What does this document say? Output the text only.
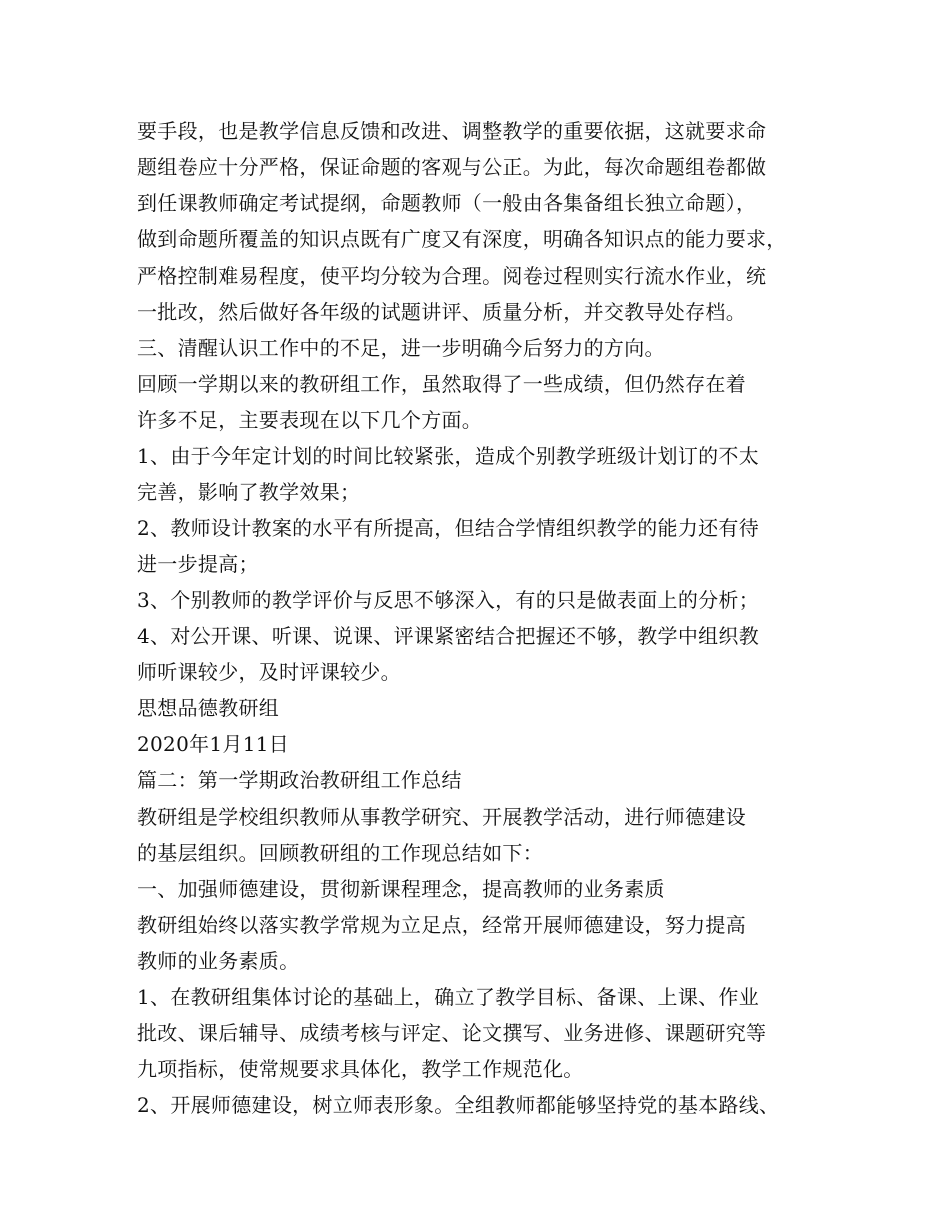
要手段，也是教学信息反馈和改进、调整教学的重要依据，这就要求命
题组卷应十分严格，保证命题的客观与公正。为此，每次命题组卷都做
到任课教师确定考试提纲，命题教师（一般由各集备组长独立命题），
做到命题所覆盖的知识点既有广度又有深度，明确各知识点的能力要求，
严格控制难易程度，使平均分较为合理。阅卷过程则实行流水作业，统
一批改，然后做好各年级的试题讲评、质量分析，并交教导处存档。
三、清醒认识工作中的不足，进一步明确今后努力的方向。
回顾一学期以来的教研组工作，虽然取得了一些成绩，但仍然存在着
许多不足，主要表现在以下几个方面。
1、由于今年定计划的时间比较紧张，造成个别教学班级计划订的不太
完善，影响了教学效果；
2、教师设计教案的水平有所提高，但结合学情组织教学的能力还有待
进一步提高；
3、个别教师的教学评价与反思不够深入，有的只是做表面上的分析；
4、对公开课、听课、说课、评课紧密结合把握还不够，教学中组织教
师听课较少，及时评课较少。
思想品德教研组
2020年1月11日
篇二：第一学期政治教研组工作总结
教研组是学校组织教师从事教学研究、开展教学活动，进行师德建设
的基层组织。回顾教研组的工作现总结如下：
一、加强师德建设，贯彻新课程理念，提高教师的业务素质
教研组始终以落实教学常规为立足点，经常开展师德建设，努力提高
教师的业务素质。
1、在教研组集体讨论的基础上，确立了教学目标、备课、上课、作业
批改、课后辅导、成绩考核与评定、论文撰写、业务进修、课题研究等
九项指标，使常规要求具体化，教学工作规范化。
2、开展师德建设，树立师表形象。全组教师都能够坚持党的基本路线、
